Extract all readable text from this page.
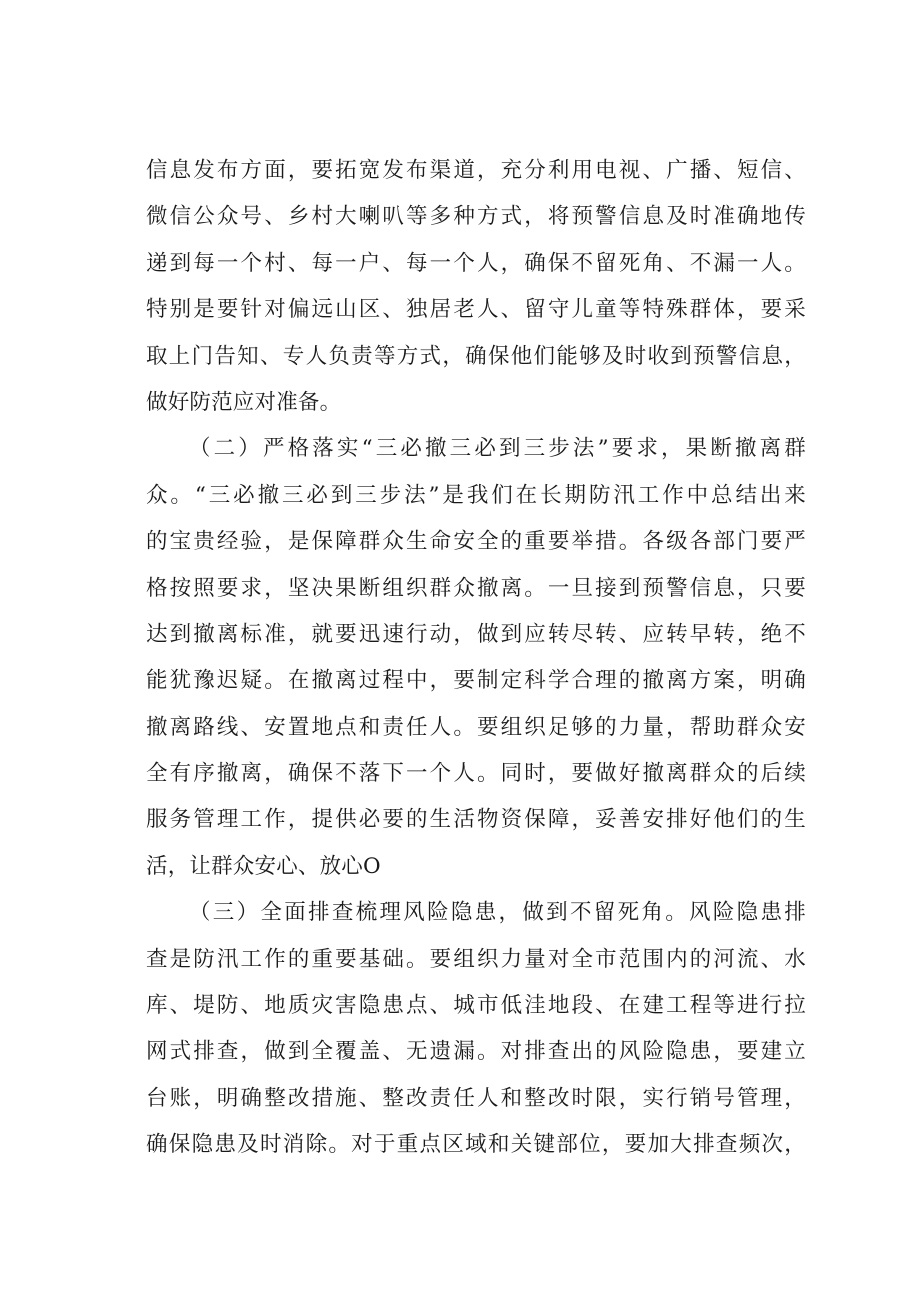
信息发布方面，要拓宽发布渠道，充分利用电视、广播、短信、
微信公众号、乡村大喇叭等多种方式，将预警信息及时准确地传
递到每一个村、每一户、每一个人，确保不留死角、不漏一人。
特别是要针对偏远山区、独居老人、留守儿童等特殊群体，要采
取上门告知、专人负责等方式，确保他们能够及时收到预警信息，
做好防范应对准备。

（二）严格落实“三必撤三必到三步法”要求，果断撤离群
众。“三必撤三必到三步法”是我们在长期防汛工作中总结出来
的宝贵经验，是保障群众生命安全的重要举措。各级各部门要严
格按照要求，坚决果断组织群众撤离。一旦接到预警信息，只要
达到撤离标准，就要迅速行动，做到应转尽转、应转早转，绝不
能犹豫迟疑。在撤离过程中，要制定科学合理的撤离方案，明确
撤离路线、安置地点和责任人。要组织足够的力量，帮助群众安
全有序撤离，确保不落下一个人。同时，要做好撤离群众的后续
服务管理工作，提供必要的生活物资保障，妥善安排好他们的生
活，让群众安心、放心O

（三）全面排查梳理风险隐患，做到不留死角。风险隐患排
查是防汛工作的重要基础。要组织力量对全市范围内的河流、水
库、堤防、地质灾害隐患点、城市低洼地段、在建工程等进行拉
网式排查，做到全覆盖、无遗漏。对排查出的风险隐患，要建立
台账，明确整改措施、整改责任人和整改时限，实行销号管理，
确保隐患及时消除。对于重点区域和关键部位，要加大排查频次，
